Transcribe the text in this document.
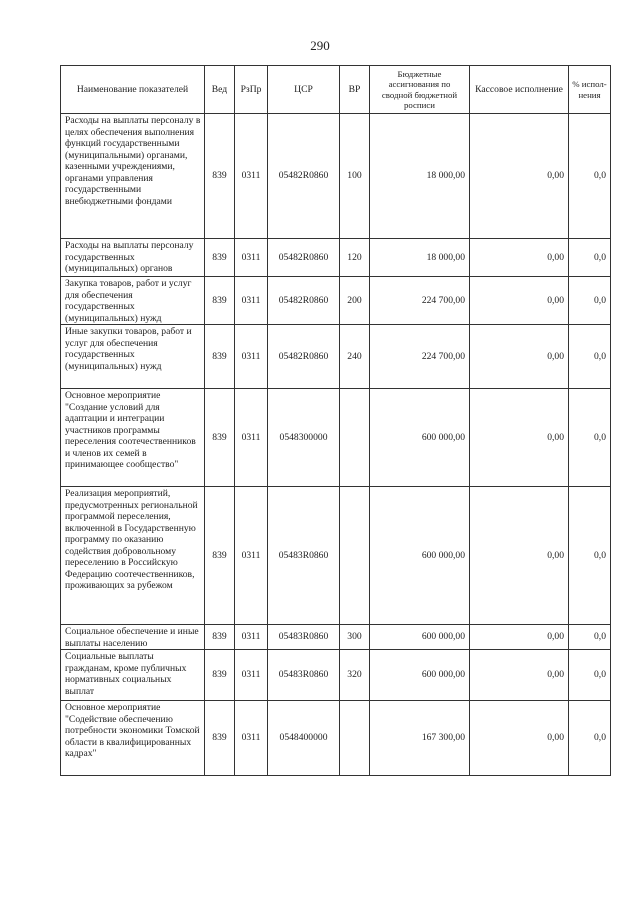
290
Наименование показателей	Вед	РзПр	ЦСР	ВР	Бюджетные ассигнования по сводной бюджетной росписи	Кассовое исполнение	% испол-нения
Расходы на выплаты персоналу в целях обеспечения выполнения функций государственными (муниципальными) органами, казенными учреждениями, органами управления государственными внебюджетными фондами	839	0311	05482R0860	100	18 000,00	0,00	0,0
Расходы на выплаты персоналу государственных (муниципальных) органов	839	0311	05482R0860	120	18 000,00	0,00	0,0
Закупка товаров, работ и услуг для обеспечения государственных (муниципальных) нужд	839	0311	05482R0860	200	224 700,00	0,00	0,0
Иные закупки товаров, работ и услуг для обеспечения государственных (муниципальных) нужд	839	0311	05482R0860	240	224 700,00	0,00	0,0
Основное мероприятие "Создание условий для адаптации и интеграции участников программы переселения соотечественников и членов их семей в принимающее сообщество"	839	0311	0548300000		600 000,00	0,00	0,0
Реализация мероприятий, предусмотренных региональной программой переселения, включенной в Государственную программу по оказанию содействия добровольному переселению в Российскую Федерацию соотечественников, проживающих за рубежом	839	0311	05483R0860		600 000,00	0,00	0,0
Социальное обеспечение и иные выплаты населению	839	0311	05483R0860	300	600 000,00	0,00	0,0
Социальные выплаты гражданам, кроме публичных нормативных социальных выплат	839	0311	05483R0860	320	600 000,00	0,00	0,0
Основное мероприятие "Содействие обеспечению потребности экономики Томской области в квалифицированных кадрах"	839	0311	0548400000		167 300,00	0,00	0,0
